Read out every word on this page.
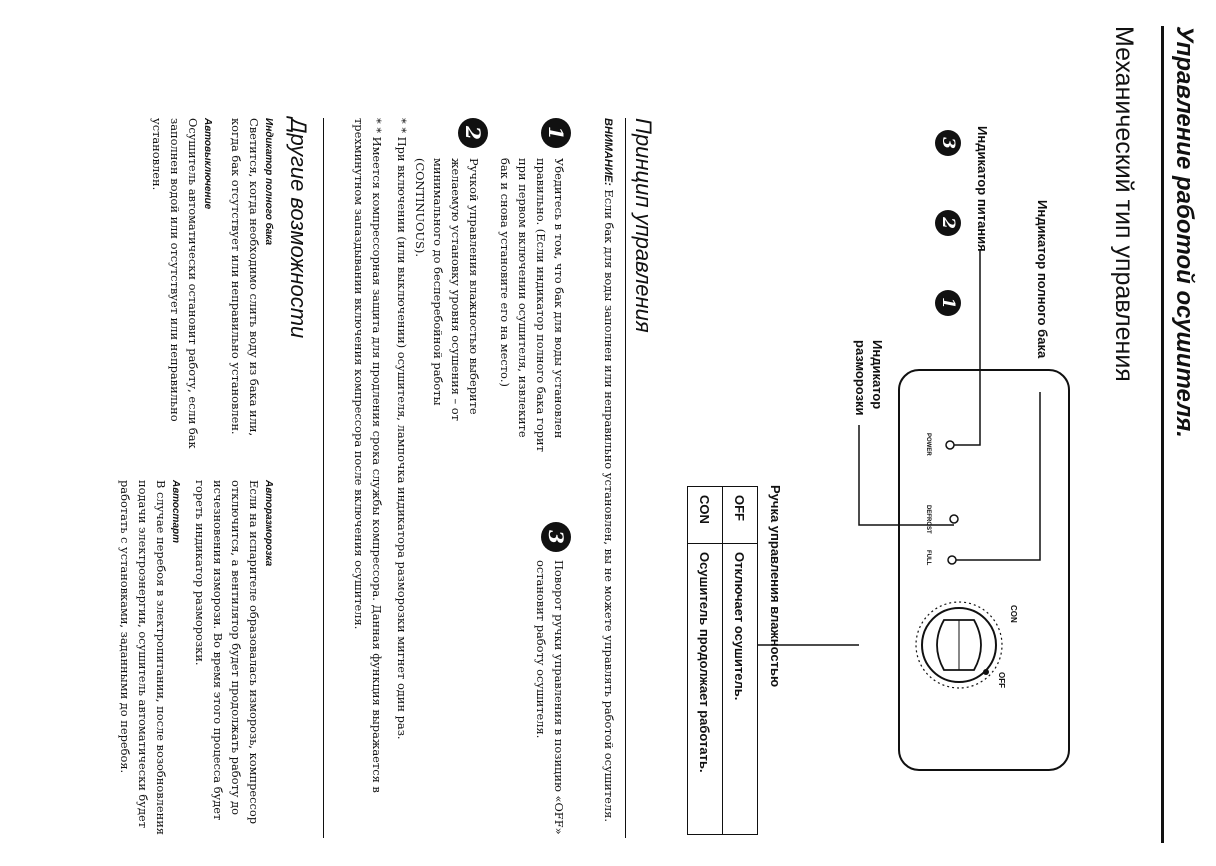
Управление работой осушителя.
Механический тип управления
3
2
1	Индикатор полного бака
Индикатор питания
Индикатор разморозки
Ручка управления влажностью
POWER
DEFROST
FULL
CON
OFF
OFF	Отключает осушитель.
CON	Осушитель продолжает работать.
Принцип управления
ВНИМАНИЕ: Если бак для воды заполнен или неправильно установлен, вы не можете управлять работой осушителя.
1
Убедитесь в том, что бак для воды установлен правильно. (Если индикатор полного бака горит при первом включении осушителя, извлеките бак и снова установите его на место.)
3
Поворот ручки управления в позицию «OFF» остановит работу осушителя.
2
Ручкой управления влажностью выберите желаемую установку уровня осушения – от минимального до бесперебойной работы (CONTINUOUS).
* * При включении (или выключении) осушителя, лампочка индикатора разморозки мигнет один раз.
* * Имеется компрессорная защита для продления срока службы компрессора. Данная функция выражается в трехминутном запаздывании включения компрессора после включения осушителя.
Другие возможности
Индикатор полного бака
Светится, когда необходимо слить воду из бака или, когда бак отсутствует или неправильно установлен.
Автовыключение
Осушитель автоматически остановит работу, если бак заполнен водой или отсутствует или неправильно установлен.
Авторазморозка
Если на испарителе образовалась изморозь, компрессор отключится, а вентилятор будет продолжать работу до исчезновения изморози. Во время этого процесса будет гореть индикатор разморозки.
Автостарт
В случае перебоя в электропитании, после возобновления подачи электроэнергии, осушитель автоматически будет работать с установками, заданными до перебоя.
